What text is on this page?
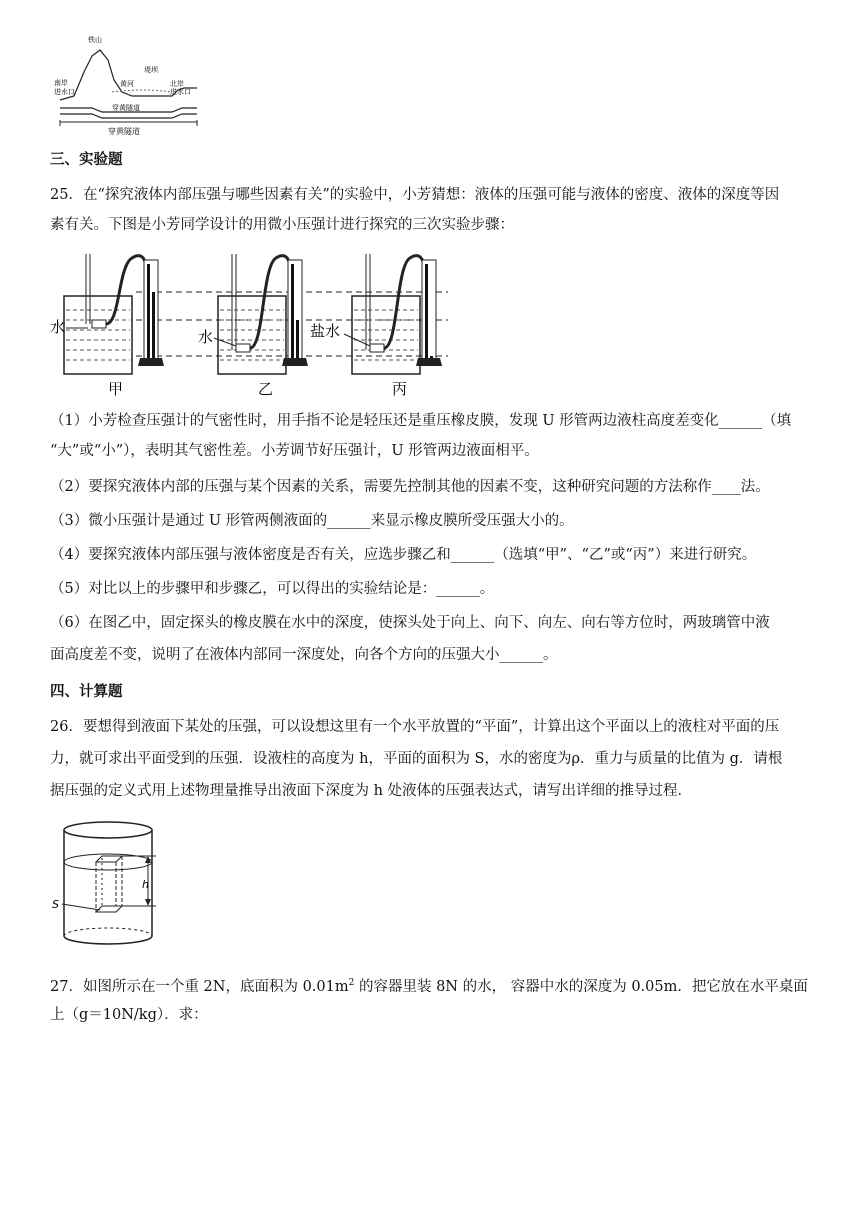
铁山
南岸
进水口
黄河
堤坝
北岸
进水口
穿黄隧道
穿黄隧道
三、实验题
25．在“探究液体内部压强与哪些因素有关”的实验中，小芳猜想：液体的压强可能与液体的密度、液体的深度等因
素有关。下图是小芳同学设计的用微小压强计进行探究的三次实验步骤：
水
水	盐水
甲	乙	丙
（1）小芳检查压强计的气密性时，用手指不论是轻压还是重压橡皮膜，发现 U 形管两边液柱高度差变化______（填
“大”或“小”），表明其气密性差。小芳调节好压强计，U 形管两边液面相平。
（2）要探究液体内部的压强与某个因素的关系，需要先控制其他的因素不变，这种研究问题的方法称作____法。
（3）微小压强计是通过 U 形管两侧液面的______来显示橡皮膜所受压强大小的。
（4）要探究液体内部压强与液体密度是否有关，应选步骤乙和______（选填“甲”、“乙”或“丙”）来进行研究。
（5）对比以上的步骤甲和步骤乙，可以得出的实验结论是：______。
（6）在图乙中，固定探头的橡皮膜在水中的深度，使探头处于向上、向下、向左、向右等方位时，两玻璃管中液
面高度差不变，说明了在液体内部同一深度处，向各个方向的压强大小______。
四、计算题
26．要想得到液面下某处的压强，可以设想这里有一个水平放置的“平面”，计算出这个平面以上的液柱对平面的压
力，就可求出平面受到的压强．设液柱的高度为 h，平面的面积为 S，水的密度为ρ．重力与质量的比值为 g．请根
据压强的定义式用上述物理量推导出液面下深度为 h 处液体的压强表达式，请写出详细的推导过程．
h
S
27．如图所示在一个重 2N，底面积为 $0.01m^2$ 的容器里装 8N 的水， 容器中水的深度为 0.05m．把它放在水平桌面
上（g＝10N/kg）．求：
